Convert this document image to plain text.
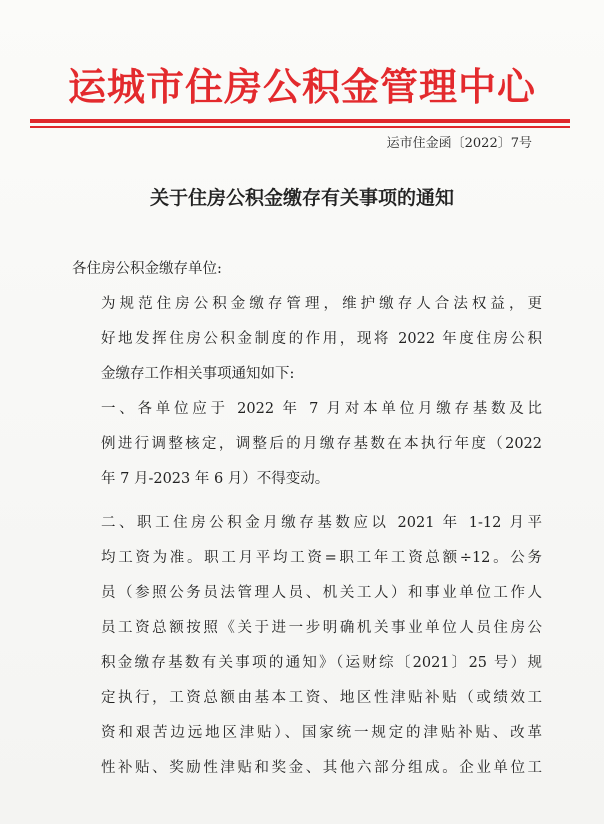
运城市住房公积金管理中心
运市住金函〔2022〕7号
关于住房公积金缴存有关事项的通知

各住房公积金缴存单位:

为规范住房公积金缴存管理，维护缴存人合法权益，更
好地发挥住房公积金制度的作用，现将 2022 年度住房公积
金缴存工作相关事项通知如下:

一、各单位应于 2022 年 7 月对本单位月缴存基数及比
例进行调整核定，调整后的月缴存基数在本执行年度（2022
年 7 月-2023 年 6 月）不得变动。

二、职工住房公积金月缴存基数应以 2021 年 1-12 月平
均工资为准。职工月平均工资=职工年工资总额÷12。公务
员（参照公务员法管理人员、机关工人）和事业单位工作人
员工资总额按照《关于进一步明确机关事业单位人员住房公
积金缴存基数有关事项的通知》（运财综〔2021〕25 号）规
定执行，工资总额由基本工资、地区性津贴补贴（或绩效工
资和艰苦边远地区津贴）、国家统一规定的津贴补贴、改革
性补贴、奖励性津贴和奖金、其他六部分组成。企业单位工
